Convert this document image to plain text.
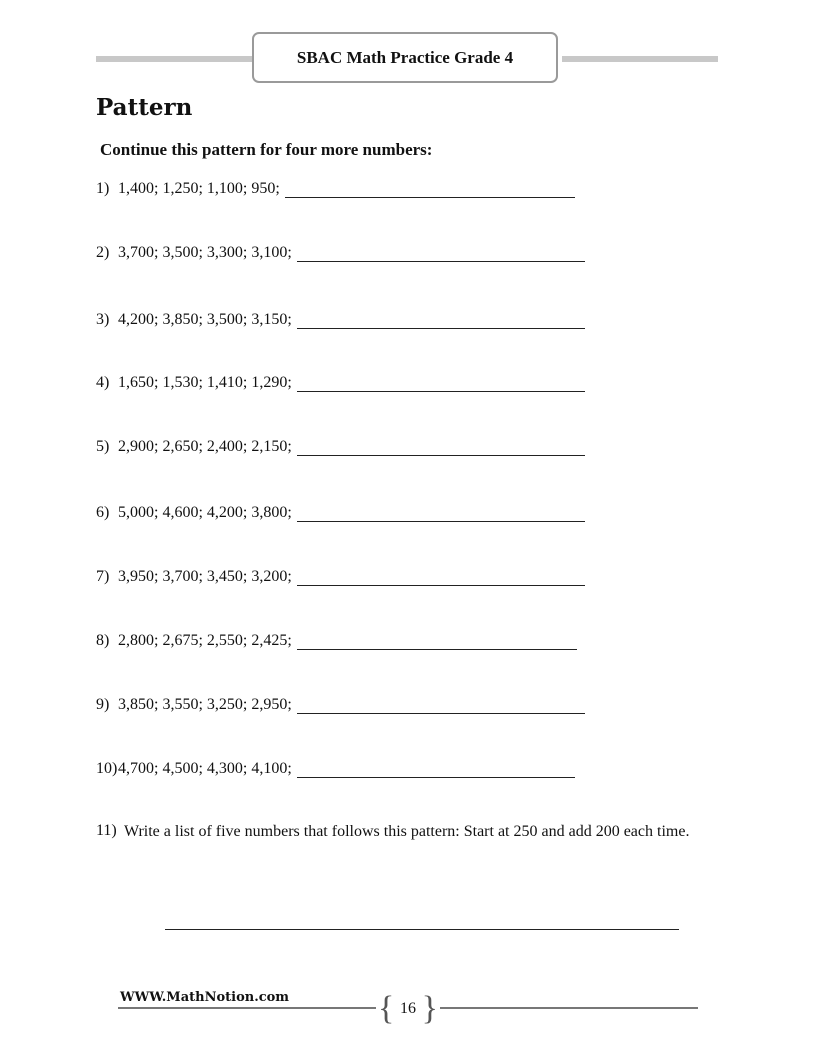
SBAC Math Practice Grade 4
Pattern
Continue this pattern for four more numbers:
1) 1,400; 1,250; 1,100; 950;
2) 3,700; 3,500; 3,300; 3,100;
3) 4,200; 3,850; 3,500; 3,150;
4) 1,650; 1,530; 1,410; 1,290;
5) 2,900; 2,650; 2,400; 2,150;
6) 5,000; 4,600; 4,200; 3,800;
7) 3,950; 3,700; 3,450; 3,200;
8) 2,800; 2,675; 2,550; 2,425;
9) 3,850; 3,550; 3,250; 2,950;
10) 4,700; 4,500; 4,300; 4,100;
11) Write a list of five numbers that follows this pattern: Start at 250 and add 200 each time.
WWW.MathNotion.com	{ 16 }
